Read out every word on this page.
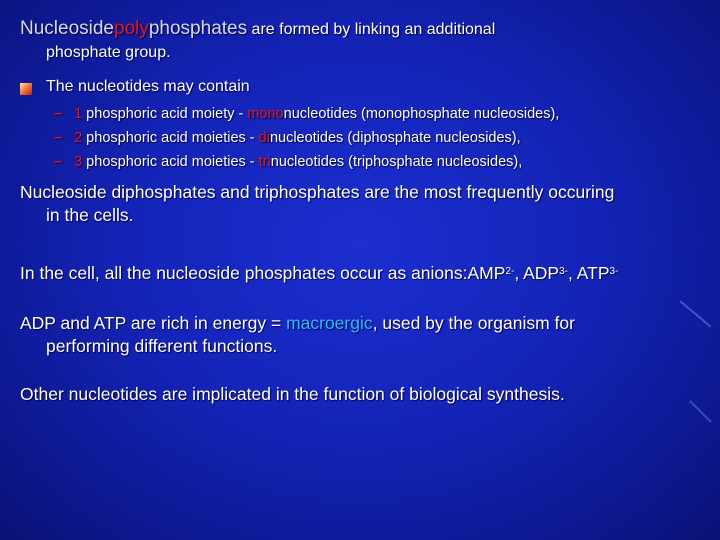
Nucleosidepolyphosphates are formed by linking an additional
phosphate group.
The nucleotides may contain
– 1 phosphoric acid moiety - mononucleotides (monophosphate nucleosides),
– 2 phosphoric acid moieties - dinucleotides (diphosphate nucleosides),
– 3 phosphoric acid moieties - trinucleotides (triphosphate nucleosides),
Nucleoside diphosphates and triphosphates are the most frequently occuring
in the cells.
In the cell, all the nucleoside phosphates occur as $anions:AMP^{2-}$, $ADP^{3-}$, $ATP^{3-}$
ADP and ATP are rich in energy = macroergic, used by the organism for
performing different functions.
Other nucleotides are implicated in the function of biological synthesis.
